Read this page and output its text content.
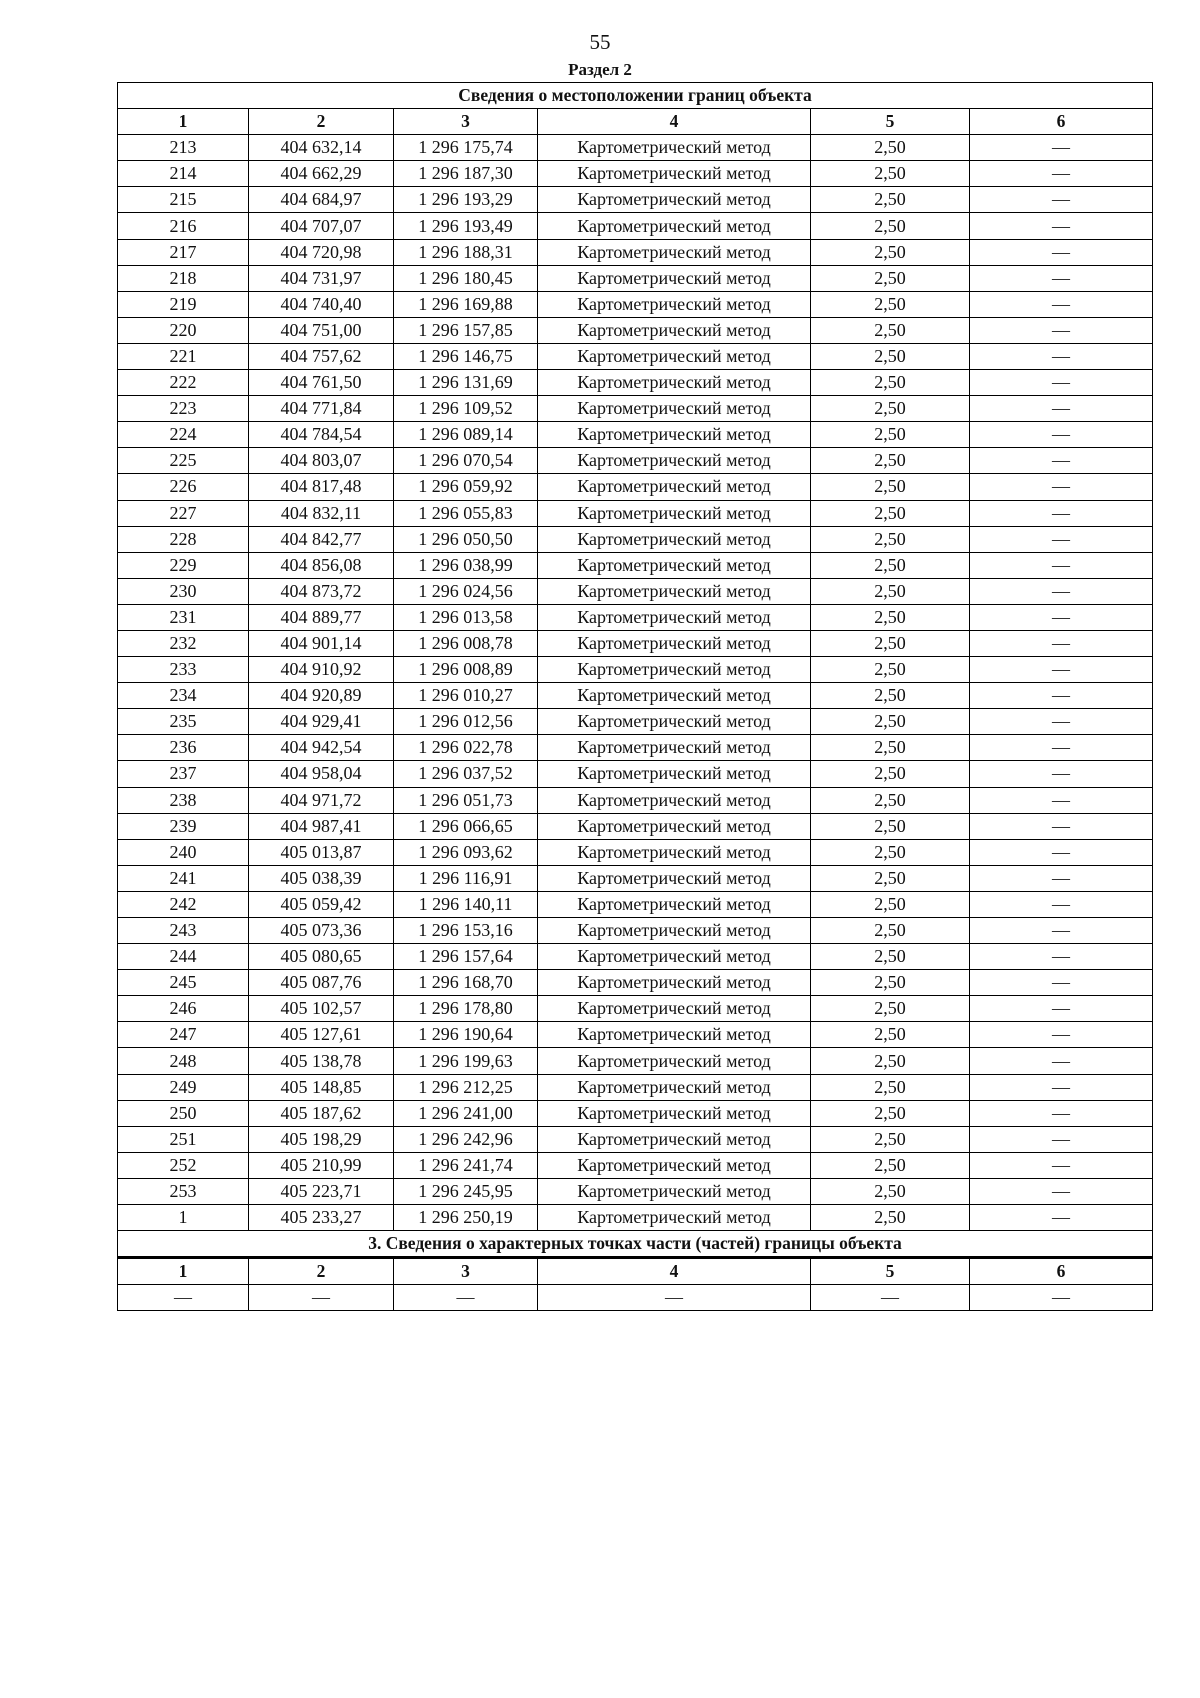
55
Раздел 2
Сведения о местоположении границ объекта					
1	2	3	4	5	6
213	404 632,14	1 296 175,74	Картометрический метод	2,50	—
214	404 662,29	1 296 187,30	Картометрический метод	2,50	—
215	404 684,97	1 296 193,29	Картометрический метод	2,50	—
216	404 707,07	1 296 193,49	Картометрический метод	2,50	—
217	404 720,98	1 296 188,31	Картометрический метод	2,50	—
218	404 731,97	1 296 180,45	Картометрический метод	2,50	—
219	404 740,40	1 296 169,88	Картометрический метод	2,50	—
220	404 751,00	1 296 157,85	Картометрический метод	2,50	—
221	404 757,62	1 296 146,75	Картометрический метод	2,50	—
222	404 761,50	1 296 131,69	Картометрический метод	2,50	—
223	404 771,84	1 296 109,52	Картометрический метод	2,50	—
224	404 784,54	1 296 089,14	Картометрический метод	2,50	—
225	404 803,07	1 296 070,54	Картометрический метод	2,50	—
226	404 817,48	1 296 059,92	Картометрический метод	2,50	—
227	404 832,11	1 296 055,83	Картометрический метод	2,50	—
228	404 842,77	1 296 050,50	Картометрический метод	2,50	—
229	404 856,08	1 296 038,99	Картометрический метод	2,50	—
230	404 873,72	1 296 024,56	Картометрический метод	2,50	—
231	404 889,77	1 296 013,58	Картометрический метод	2,50	—
232	404 901,14	1 296 008,78	Картометрический метод	2,50	—
233	404 910,92	1 296 008,89	Картометрический метод	2,50	—
234	404 920,89	1 296 010,27	Картометрический метод	2,50	—
235	404 929,41	1 296 012,56	Картометрический метод	2,50	—
236	404 942,54	1 296 022,78	Картометрический метод	2,50	—
237	404 958,04	1 296 037,52	Картометрический метод	2,50	—
238	404 971,72	1 296 051,73	Картометрический метод	2,50	—
239	404 987,41	1 296 066,65	Картометрический метод	2,50	—
240	405 013,87	1 296 093,62	Картометрический метод	2,50	—
241	405 038,39	1 296 116,91	Картометрический метод	2,50	—
242	405 059,42	1 296 140,11	Картометрический метод	2,50	—
243	405 073,36	1 296 153,16	Картометрический метод	2,50	—
244	405 080,65	1 296 157,64	Картометрический метод	2,50	—
245	405 087,76	1 296 168,70	Картометрический метод	2,50	—
246	405 102,57	1 296 178,80	Картометрический метод	2,50	—
247	405 127,61	1 296 190,64	Картометрический метод	2,50	—
248	405 138,78	1 296 199,63	Картометрический метод	2,50	—
249	405 148,85	1 296 212,25	Картометрический метод	2,50	—
250	405 187,62	1 296 241,00	Картометрический метод	2,50	—
251	405 198,29	1 296 242,96	Картометрический метод	2,50	—
252	405 210,99	1 296 241,74	Картометрический метод	2,50	—
253	405 223,71	1 296 245,95	Картометрический метод	2,50	—
1	405 233,27	1 296 250,19	Картометрический метод	2,50	—
3. Сведения о характерных точках части (частей) границы объекта					
1	2	3	4	5	6
—	—	—	—	—	—
